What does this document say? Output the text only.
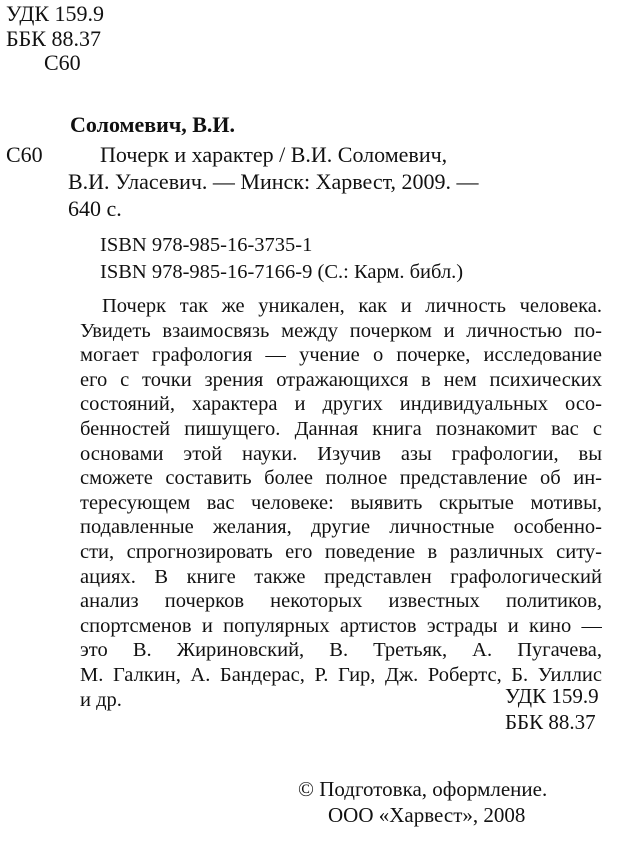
УДК 159.9
ББК 88.37
С60
Соломевич, В.И.
С60	Почерк и характер / В.И. Соломевич,
В.И. Уласевич. — Минск: Харвест, 2009. —
640 с.
ISBN 978-985-16-3735-1
ISBN 978-985-16-7166-9 (С.: Карм. библ.)
Почерк так же уникален, как и личность человека.
Увидеть взаимосвязь между почерком и личностью по-
могает графология — учение о почерке, исследование
его с точки зрения отражающихся в нем психических
состояний, характера и других индивидуальных осо-
бенностей пишущего. Данная книга познакомит вас с
основами этой науки. Изучив азы графологии, вы
сможете составить более полное представление об ин-
тересующем вас человеке: выявить скрытые мотивы,
подавленные желания, другие личностные особенно-
сти, спрогнозировать его поведение в различных ситу-
ациях. В книге также представлен графологический
анализ почерков некоторых известных политиков,
спортсменов и популярных артистов эстрады и кино —
это В. Жириновский, В. Третьяк, А. Пугачева,
М. Галкин, А. Бандерас, Р. Гир, Дж. Робертс, Б. Уиллис
и др.	УДК 159.9
ББК 88.37
© Подготовка, оформление.
ООО «Харвест», 2008
